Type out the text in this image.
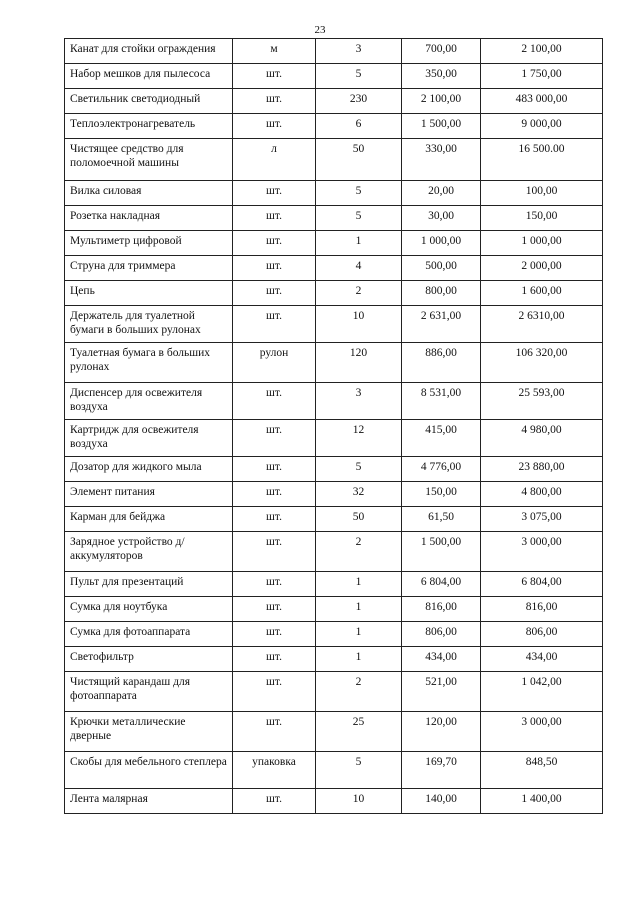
23
Канат для стойки ограждения	м	3	700,00	2 100,00
Набор мешков для пылесоса	шт.	5	350,00	1 750,00
Светильник светодиодный	шт.	230	2 100,00	483 000,00
Теплоэлектронагреватель	шт.	6	1 500,00	9 000,00
Чистящее средство для поломоечной машины	л	50	330,00	16 500.00
Вилка силовая	шт.	5	20,00	100,00
Розетка накладная	шт.	5	30,00	150,00
Мультиметр цифровой	шт.	1	1 000,00	1 000,00
Струна для триммера	шт.	4	500,00	2 000,00
Цепь	шт.	2	800,00	1 600,00
Держатель для туалетной бумаги в больших рулонах	шт.	10	2 631,00	2 6310,00
Туалетная бумага в больших рулонах	рулон	120	886,00	106 320,00
Диспенсер для освежителя воздуха	шт.	3	8 531,00	25 593,00
Картридж для освежителя воздуха	шт.	12	415,00	4 980,00
Дозатор для жидкого мыла	шт.	5	4 776,00	23 880,00
Элемент питания	шт.	32	150,00	4 800,00
Карман для бейджа	шт.	50	61,50	3 075,00
Зарядное устройство д/аккумуляторов	шт.	2	1 500,00	3 000,00
Пульт для презентаций	шт.	1	6 804,00	6 804,00
Сумка для ноутбука	шт.	1	816,00	816,00
Сумка для фотоаппарата	шт.	1	806,00	806,00
Светофильтр	шт.	1	434,00	434,00
Чистящий карандаш для фотоаппарата	шт.	2	521,00	1 042,00
Крючки металлические дверные	шт.	25	120,00	3 000,00
Скобы для мебельного степлера	упаковка	5	169,70	848,50
Лента малярная	шт.	10	140,00	1 400,00
